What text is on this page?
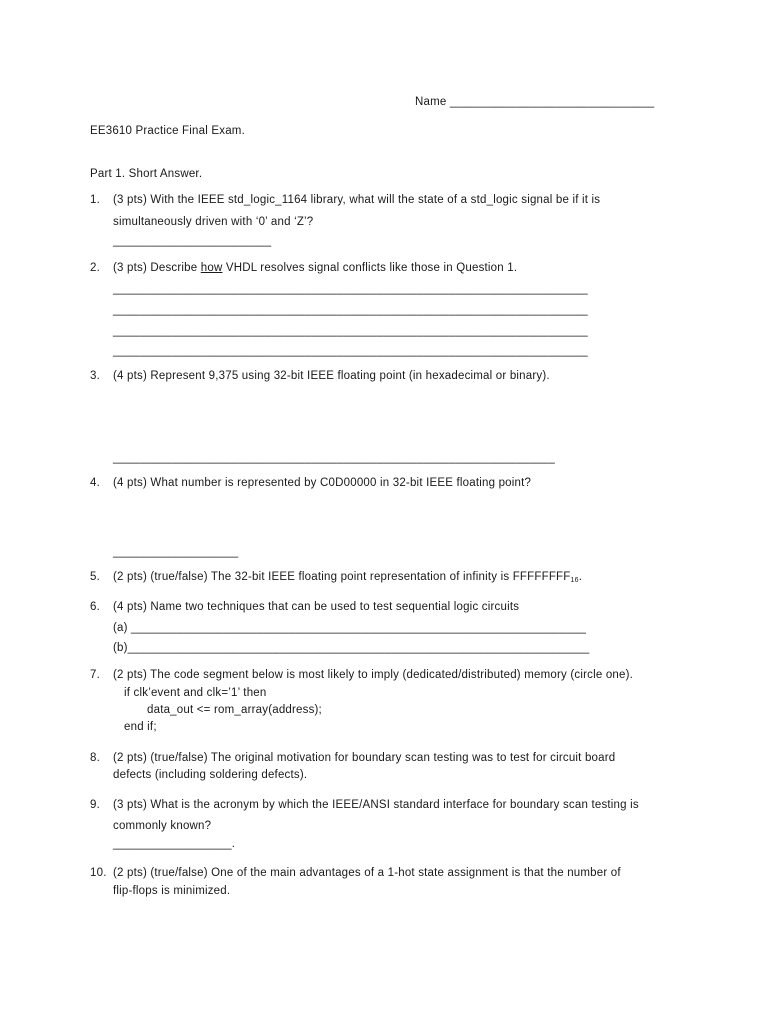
Name _______________________________
EE3610 Practice Final Exam.
Part 1. Short Answer.
1. (3 pts) With the IEEE std_logic_1164 library, what will the state of a std_logic signal be if it is
simultaneously driven with ‘0’ and ‘Z’?
________________________
2. (3 pts) Describe how VHDL resolves signal conflicts like those in Question 1.
________________________________________________________________________
________________________________________________________________________
________________________________________________________________________
________________________________________________________________________
3. (4 pts) Represent 9,375 using 32-bit IEEE floating point (in hexadecimal or binary).
___________________________________________________________________
4. (4 pts) What number is represented by C0D00000 in 32-bit IEEE floating point?
___________________
5. (2 pts) (true/false) The 32-bit IEEE floating point representation of infinity is $FFFFFFFF_{16}$.
6. (4 pts) Name two techniques that can be used to test sequential logic circuits
(a) _____________________________________________________________________
(b)______________________________________________________________________
7. (2 pts) The code segment below is most likely to imply (dedicated/distributed) memory (circle one).
if clk’event and clk=’1’ then
data_out <= rom_array(address);
end if;
8. (2 pts) (true/false) The original motivation for boundary scan testing was to test for circuit board
defects (including soldering defects).
9. (3 pts) What is the acronym by which the IEEE/ANSI standard interface for boundary scan testing is
commonly known?
__________________.
10. (2 pts) (true/false) One of the main advantages of a 1-hot state assignment is that the number of
flip-flops is minimized.
